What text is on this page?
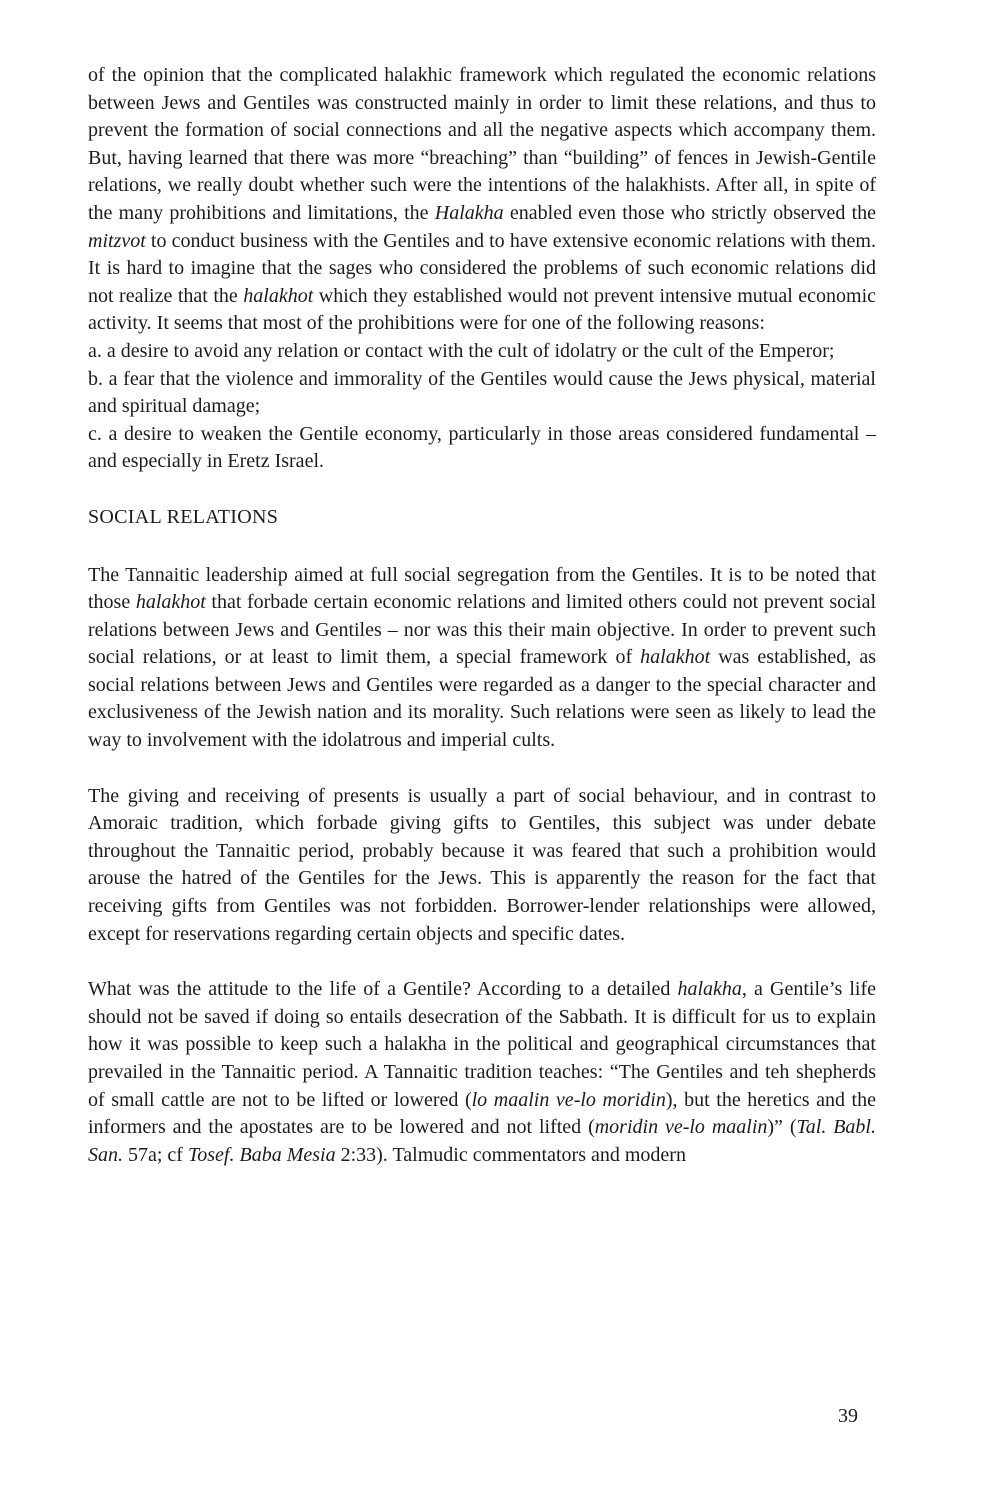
of the opinion that the complicated halakhic framework which regulated the economic relations between Jews and Gentiles was constructed mainly in order to limit these relations, and thus to prevent the formation of social connections and all the negative aspects which accompany them. But, having learned that there was more “breaching” than “building” of fences in Jewish-Gentile relations, we really doubt whether such were the intentions of the halakhists. After all, in spite of the many prohibitions and limitations, the Halakha enabled even those who strictly observed the mitzvot to conduct business with the Gentiles and to have extensive economic relations with them. It is hard to imagine that the sages who considered the problems of such economic relations did not realize that the halakhot which they established would not prevent intensive mutual economic activity. It seems that most of the prohibitions were for one of the following reasons:

a. a desire to avoid any relation or contact with the cult of idolatry or the cult of the Emperor;

b. a fear that the violence and immorality of the Gentiles would cause the Jews physical, material and spiritual damage;

c. a desire to weaken the Gentile economy, particularly in those areas considered fundamental – and especially in Eretz Israel.

SOCIAL RELATIONS

The Tannaitic leadership aimed at full social segregation from the Gentiles. It is to be noted that those halakhot that forbade certain economic relations and limited others could not prevent social relations between Jews and Gentiles – nor was this their main objective. In order to prevent such social relations, or at least to limit them, a special framework of halakhot was established, as social relations between Jews and Gentiles were regarded as a danger to the special character and exclusiveness of the Jewish nation and its morality. Such relations were seen as likely to lead the way to involvement with the idolatrous and imperial cults.

The giving and receiving of presents is usually a part of social behaviour, and in contrast to Amoraic tradition, which forbade giving gifts to Gentiles, this subject was under debate throughout the Tannaitic period, probably because it was feared that such a prohibition would arouse the hatred of the Gentiles for the Jews. This is apparently the reason for the fact that receiving gifts from Gentiles was not forbidden. Borrower-lender relationships were allowed, except for reservations regarding certain objects and specific dates.

What was the attitude to the life of a Gentile? According to a detailed halakha, a Gentile’s life should not be saved if doing so entails desecration of the Sabbath. It is difficult for us to explain how it was possible to keep such a halakha in the political and geographical circumstances that prevailed in the Tannaitic period. A Tannaitic tradition teaches: “The Gentiles and teh shepherds of small cattle are not to be lifted or lowered (lo maalin ve-lo moridin), but the heretics and the informers and the apostates are to be lowered and not lifted (moridin ve-lo maalin)” (Tal. Babl. San. 57a; cf Tosef. Baba Mesia 2:33). Talmudic commentators and modern

39
